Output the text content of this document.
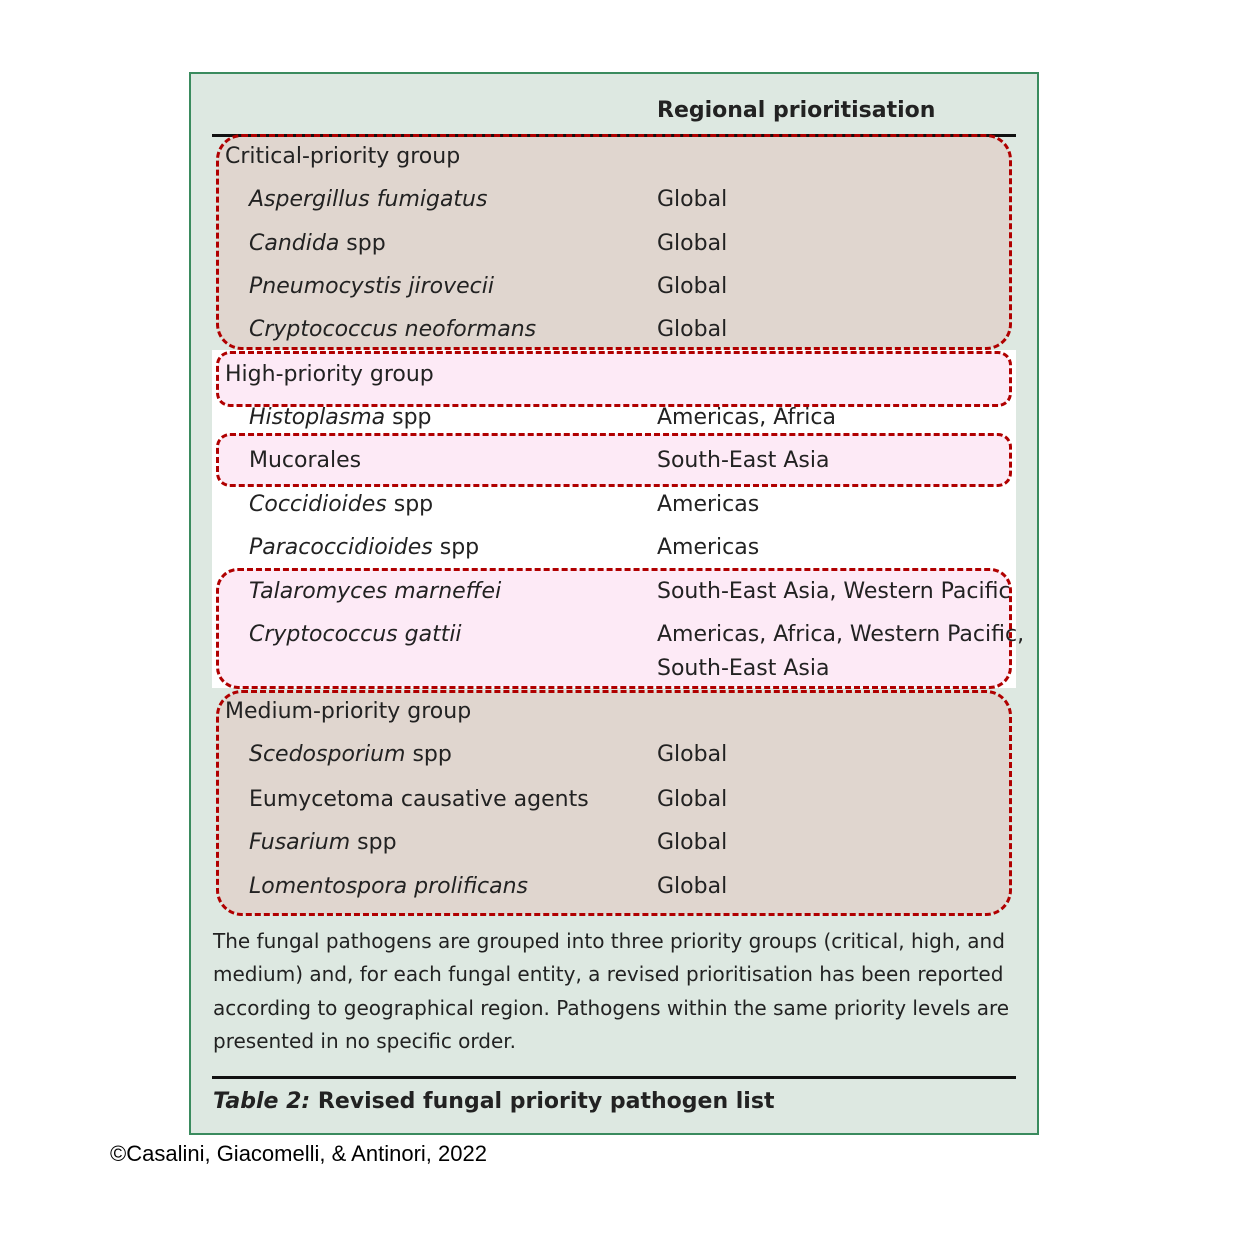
Regional prioritisation
Critical-priority group
Aspergillus fumigatus	Global
Candida spp	Global
Pneumocystis jirovecii	Global
Cryptococcus neoformans	Global
High-priority group
Histoplasma spp	Americas, Africa
Mucorales	South-East Asia
Coccidioides spp	Americas
Paracoccidioides spp	Americas
Talaromyces marneffei	South-East Asia, Western Pacific
Cryptococcus gattii	Americas, Africa, Western Pacific,
South-East Asia
Medium-priority group
Scedosporium spp	Global
Eumycetoma causative agents	Global
Fusarium spp	Global
Lomentospora prolificans	Global
The fungal pathogens are grouped into three priority groups (critical, high, and
medium) and, for each fungal entity, a revised prioritisation has been reported
according to geographical region. Pathogens within the same priority levels are
presented in no specific order.
Table 2: Revised fungal priority pathogen list
©Casalini, Giacomelli, & Antinori, 2022
